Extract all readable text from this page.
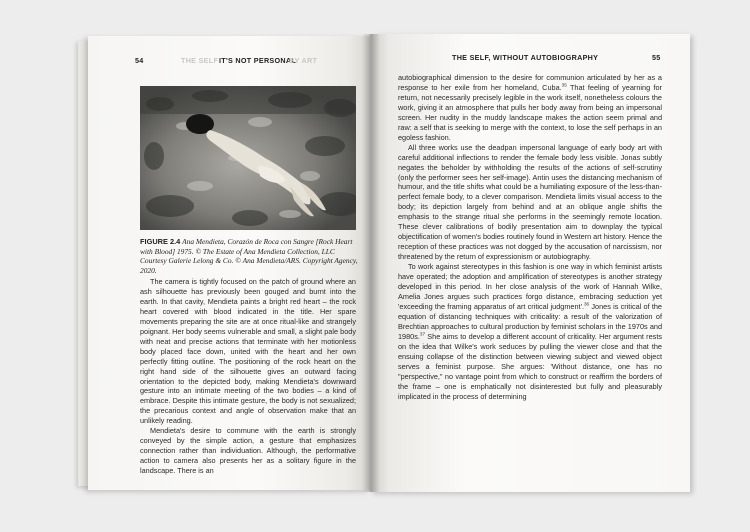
54	THE SELF IT'S NOT PERSONAL
BY ART
FIGURE 2.4 Ana Mendieta, Corazón de Roca con Sangre [Rock Heart with Blood] 1975. © The Estate of Ana Mendieta Collection, LLC Courtesy Galerie Lelong & Co. © Ana Mendieta/ARS. Copyright Agency, 2020.

The camera is tightly focused on the patch of ground where an ash silhouette has previously been gouged and burnt into the earth. In that cavity, Mendieta paints a bright red heart – the rock heart covered with blood indicated in the title. Her spare movements preparing the site are at once ritual-like and strangely poignant. Her body seems vulnerable and small, a slight pale body with neat and precise actions that terminate with her motionless body placed face down, united with the heart and her own perfectly fitting outline. The positioning of the rock heart on the right hand side of the silhouette gives an outward facing orientation to the depicted body, making Mendieta's downward gesture into an intimate meeting of the two bodies – a kind of embrace. Despite this intimate gesture, the body is not sexualized; the precarious context and angle of observation make that an unlikely reading.

Mendieta's desire to commune with the earth is strongly conveyed by the simple action, a gesture that emphasizes connection rather than individuation. Although, the performative action to camera also presents her as a solitary figure in the landscape. There is an

THE SELF, WITHOUT AUTOBIOGRAPHY	55

autobiographical dimension to the desire for communion articulated by her as a response to her exile from her homeland, Cuba.$^{35}$ That feeling of yearning for return, not necessarily precisely legible in the work itself, nonetheless colours the work, giving it an atmosphere that pulls her body away from being an impersonal screen. Her nudity in the muddy landscape makes the action seem primal and raw: a self that is seeking to merge with the context, to lose the self perhaps in an egoless fashion.

All three works use the deadpan impersonal language of early body art with careful additional inflections to render the female body less visible. Jonas subtly negates the beholder by withholding the results of the actions of self-scrutiny (only the performer sees her self-image). Antin uses the distancing mechanism of humour, and the title shifts what could be a humiliating exposure of the less-than-perfect female body, to a clever comparison. Mendieta limits visual access to the body; its depiction largely from behind and at an oblique angle shifts the emphasis to the strange ritual she performs in the seemingly remote location. These clever calibrations of bodily presentation aim to downplay the typical objectification of women's bodies routinely found in Western art history. Hence the reception of these practices was not dogged by the accusation of narcissism, nor threatened by the return of expressionism or autobiography.

To work against stereotypes in this fashion is one way in which feminist artists have operated; the adoption and amplification of stereotypes is another strategy developed in this period. In her close analysis of the work of Hannah Wilke, Amelia Jones argues such practices forgo distance, embracing seduction yet 'exceeding the framing apparatus of art critical judgment'.$^{36}$ Jones is critical of the equation of distancing techniques with criticality: a result of the valorization of Brechtian approaches to cultural production by feminist scholars in the 1970s and 1980s.$^{37}$ She aims to develop a different account of criticality. Her argument rests on the idea that Wilke's work seduces by pulling the viewer close and that the ensuing collapse of the distinction between viewing subject and viewed object serves a feminist purpose. She argues: 'Without distance, one has no "perspective," no vantage point from which to construct or reaffirm the borders of the frame – one is emphatically not disinterested but fully and pleasurably implicated in the process of determining
